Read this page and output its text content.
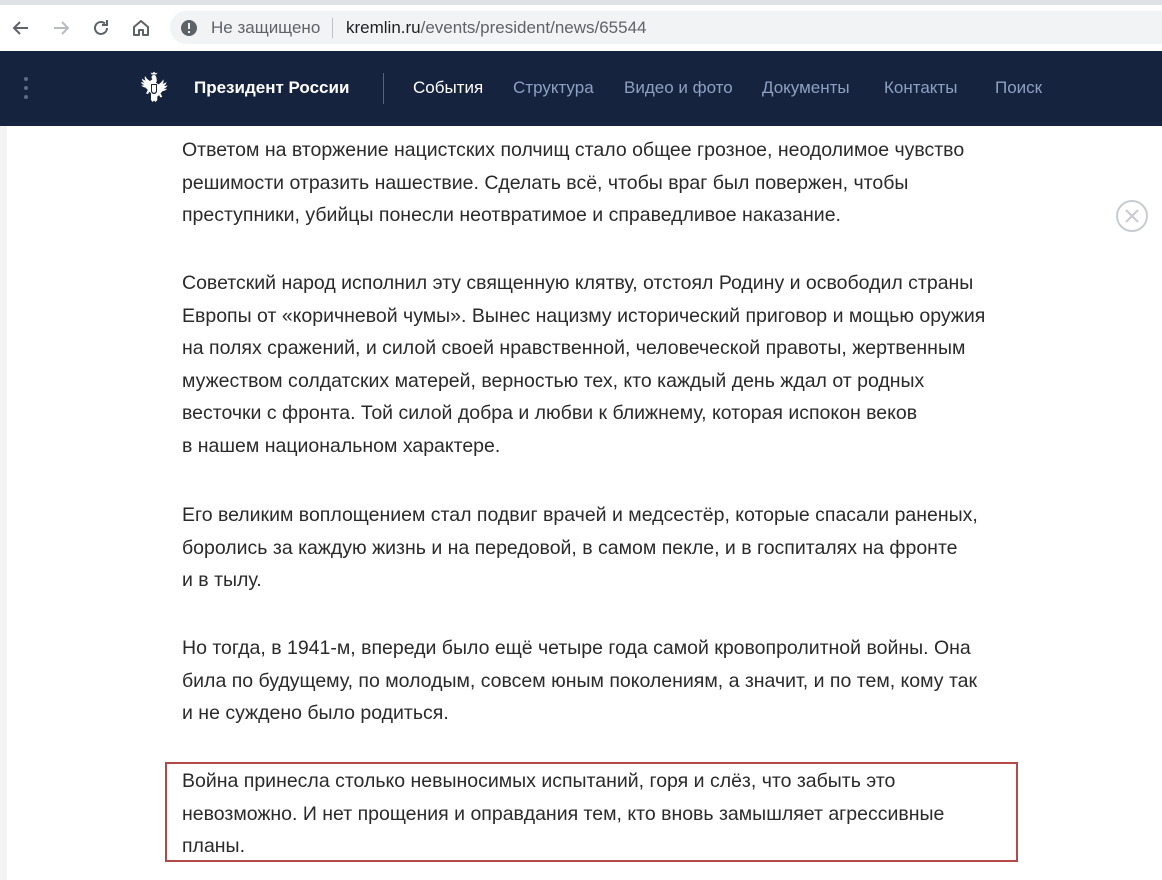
Не защищено kremlin.ru/events/president/news/65544
Президент России	События Структура Видео и фото Документы Контакты Поиск

Ответом на вторжение нацистских полчищ стало общее грозное, неодолимое чувство
решимости отразить нашествие. Сделать всё, чтобы враг был повержен, чтобы
преступники, убийцы понесли неотвратимое и справедливое наказание.

Советский народ исполнил эту священную клятву, отстоял Родину и освободил страны
Европы от «коричневой чумы». Вынес нацизму исторический приговор и мощью оружия
на полях сражений, и силой своей нравственной, человеческой правоты, жертвенным
мужеством солдатских матерей, верностью тех, кто каждый день ждал от родных
весточки с фронта. Той силой добра и любви к ближнему, которая испокон веков
в нашем национальном характере.

Его великим воплощением стал подвиг врачей и медсестёр, которые спасали раненых,
боролись за каждую жизнь и на передовой, в самом пекле, и в госпиталях на фронте
и в тылу.

Но тогда, в 1941-м, впереди было ещё четыре года самой кровопролитной войны. Она
била по будущему, по молодым, совсем юным поколениям, а значит, и по тем, кому так
и не суждено было родиться.

Война принесла столько невыносимых испытаний, горя и слёз, что забыть это
невозможно. И нет прощения и оправдания тем, кто вновь замышляет агрессивные
планы.
